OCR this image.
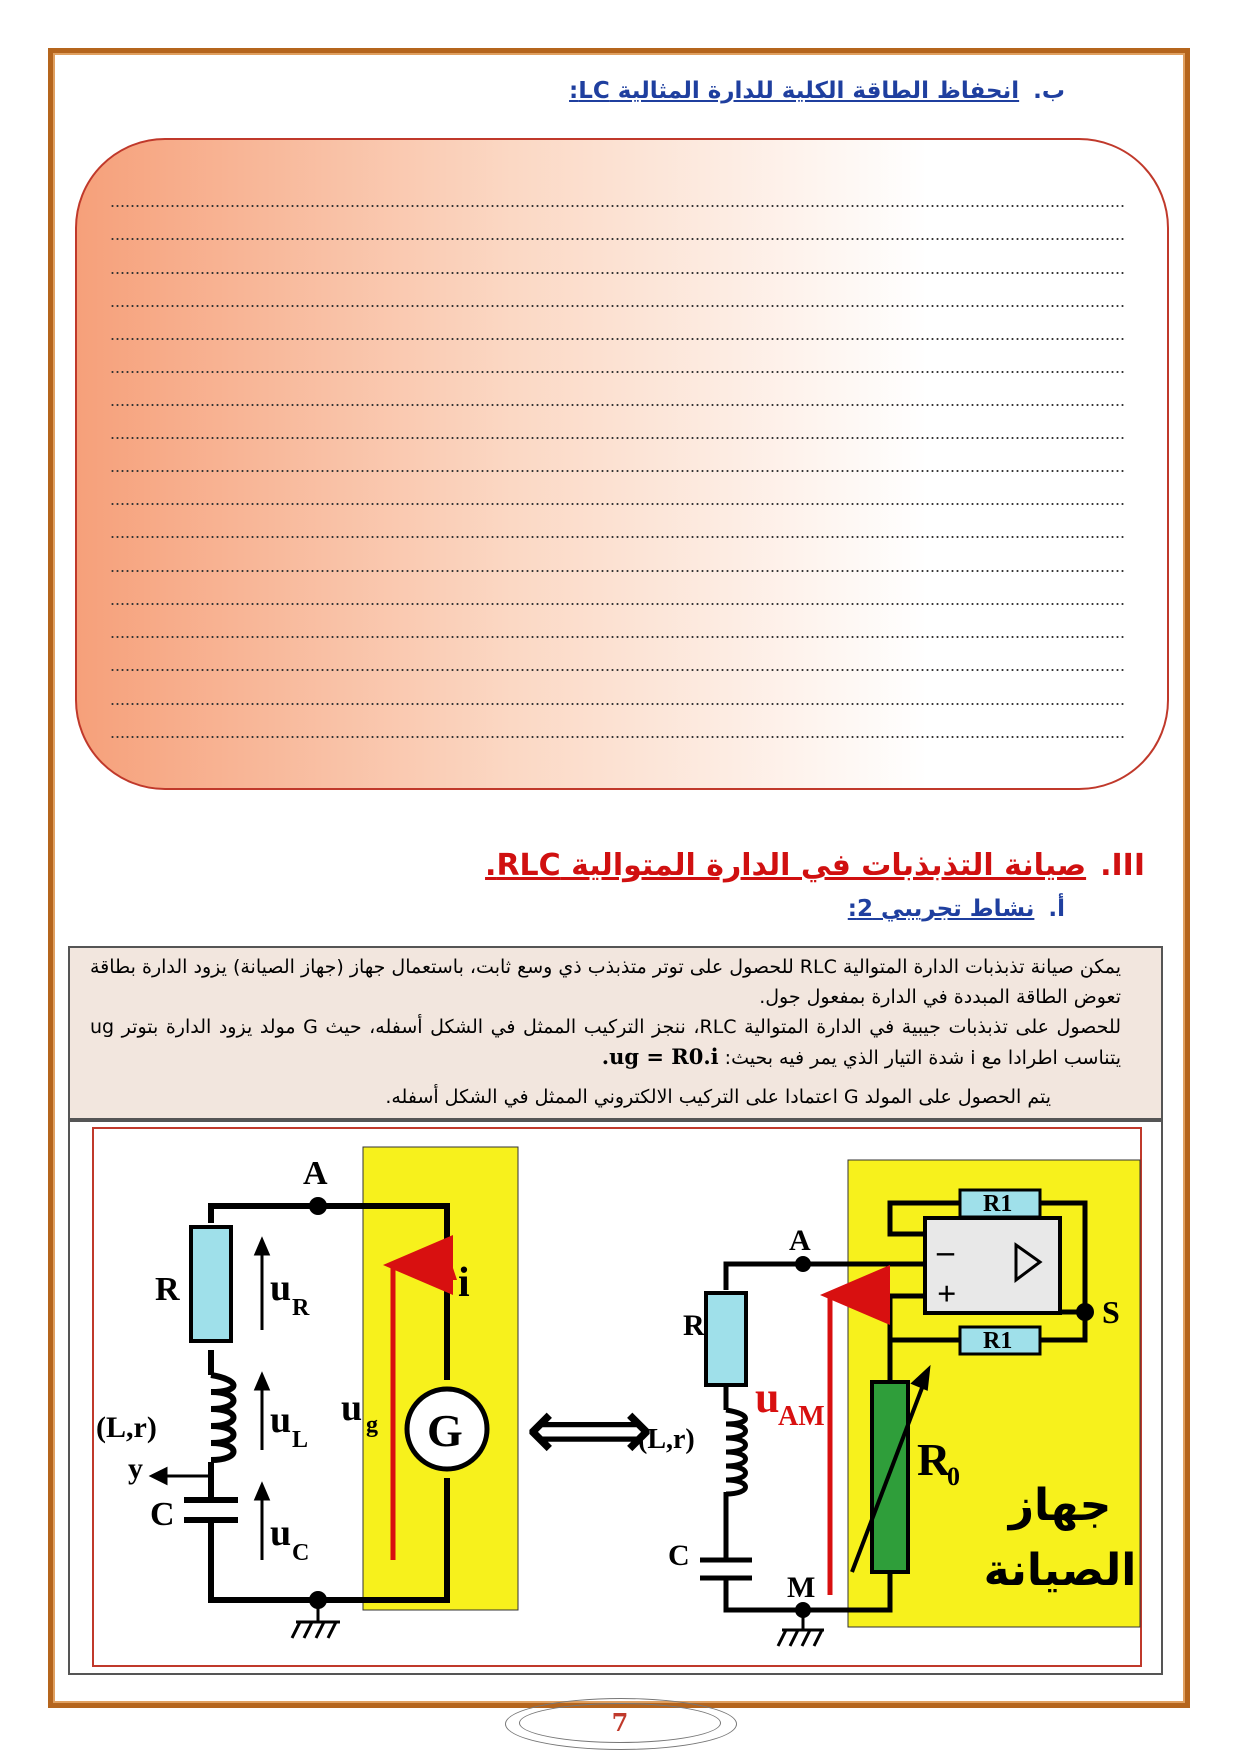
ب.انحفاظ الطاقة الكلية للدارة المثالية LC:
III.صيانة التذبذبات في الدارة المتوالية RLC.
أ.نشاط تجريبي 2:

يمكن صيانة تذبذبات الدارة المتوالية RLC للحصول على توتر متذبذب ذي وسع ثابت، باستعمال جهاز (جهاز الصيانة) يزود الدارة بطاقة تعوض الطاقة المبددة في الدارة بمفعول جول.

للحصول على تذبذبات جيبية في الدارة المتوالية RLC، ننجز التركيب الممثل في الشكل أسفله، حيث G مولد يزود الدارة بتوتر ug يتناسب اطرادا مع i شدة التيار الذي يمر فيه بحيث: ug = R0.i.

يتم الحصول على المولد G اعتمادا على التركيب الالكتروني الممثل في الشكل أسفله.

A
R u R
(L,r)	u L
y
C	u C
u g
i
G ⟺
A
R
(L,r)
C
M
R1
R1
S
R
0
–
+
u
AM
جهاز
الصيانة
7
